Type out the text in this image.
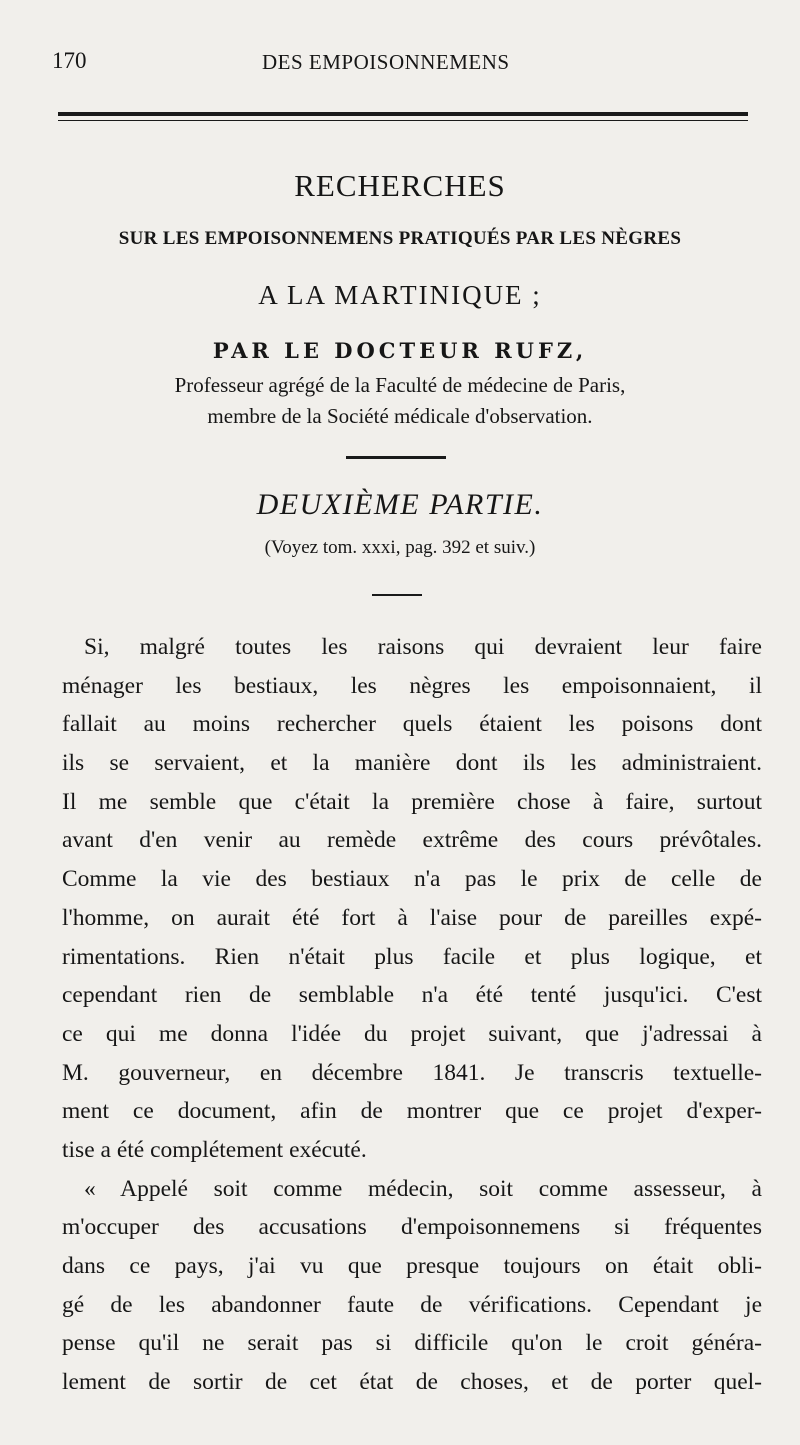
170	DES EMPOISONNEMENS
RECHERCHES
SUR LES EMPOISONNEMENS PRATIQUÉS PAR LES NÈGRES
A LA MARTINIQUE ;
PAR LE DOCTEUR RUFZ,
Professeur agrégé de la Faculté de médecine de Paris,
membre de la Société médicale d'observation.
DEUXIÈME PARTIE.
(Voyez tom. xxxi, pag. 392 et suiv.)
Si, malgré toutes les raisons qui devraient leur faire
ménager les bestiaux, les nègres les empoisonnaient, il
fallait au moins rechercher quels étaient les poisons dont
ils se servaient, et la manière dont ils les administraient.
Il me semble que c'était la première chose à faire, surtout
avant d'en venir au remède extrême des cours prévôtales.
Comme la vie des bestiaux n'a pas le prix de celle de
l'homme, on aurait été fort à l'aise pour de pareilles expé-
rimentations. Rien n'était plus facile et plus logique, et
cependant rien de semblable n'a été tenté jusqu'ici. C'est
ce qui me donna l'idée du projet suivant, que j'adressai à
M. gouverneur, en décembre 1841. Je transcris textuelle-
ment ce document, afin de montrer que ce projet d'exper-
tise a été complétement exécuté.
« Appelé soit comme médecin, soit comme assesseur, à
m'occuper des accusations d'empoisonnemens si fréquentes
dans ce pays, j'ai vu que presque toujours on était obli-
gé de les abandonner faute de vérifications. Cependant je
pense qu'il ne serait pas si difficile qu'on le croit généra-
lement de sortir de cet état de choses, et de porter quel-
